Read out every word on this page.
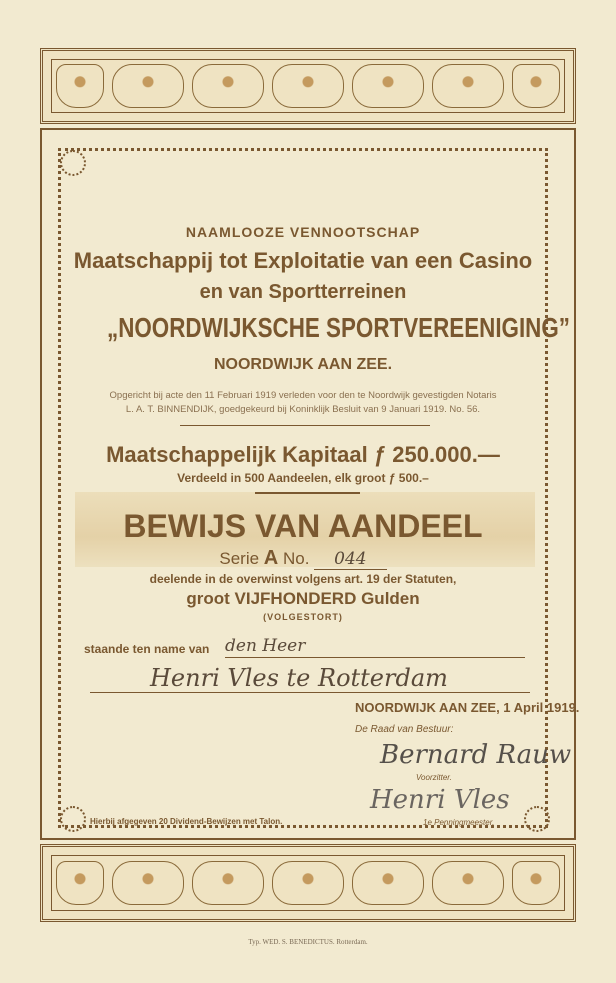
NAAMLOOZE VENNOOTSCHAP
Maatschappij tot Exploitatie van een Casino
en van Sportterreinen
„NOORDWIJKSCHE SPORTVEREENIGING”
NOORDWIJK AAN ZEE.
Opgericht bij acte den 11 Februari 1919 verleden voor den te Noordwijk gevestigden Notaris
L. A. T. BINNENDIJK, goedgekeurd bij Koninklijk Besluit van 9 Januari 1919. No. 56.
Maatschappelijk Kapitaal ƒ 250.000.—
Verdeeld in 500 Aandeelen, elk groot ƒ 500.–
BEWIJS VAN AANDEEL
Serie A No. 044
deelende in de overwinst volgens art. 19 der Statuten,
groot VIJFHONDERD Gulden
(VOLGESTORT)
staande ten name van den Heer
Henri Vles te Rotterdam
NOORDWIJK AAN ZEE, 1 April 1919.
De Raad van Bestuur:
Bernard Rauw
Voorzitter.
Henri Vles
1e Penningmeester.
Hierbij afgegeven 20 Dividend-Bewijzen met Talon.
Typ. WED. S. BENEDICTUS. Rotterdam.
